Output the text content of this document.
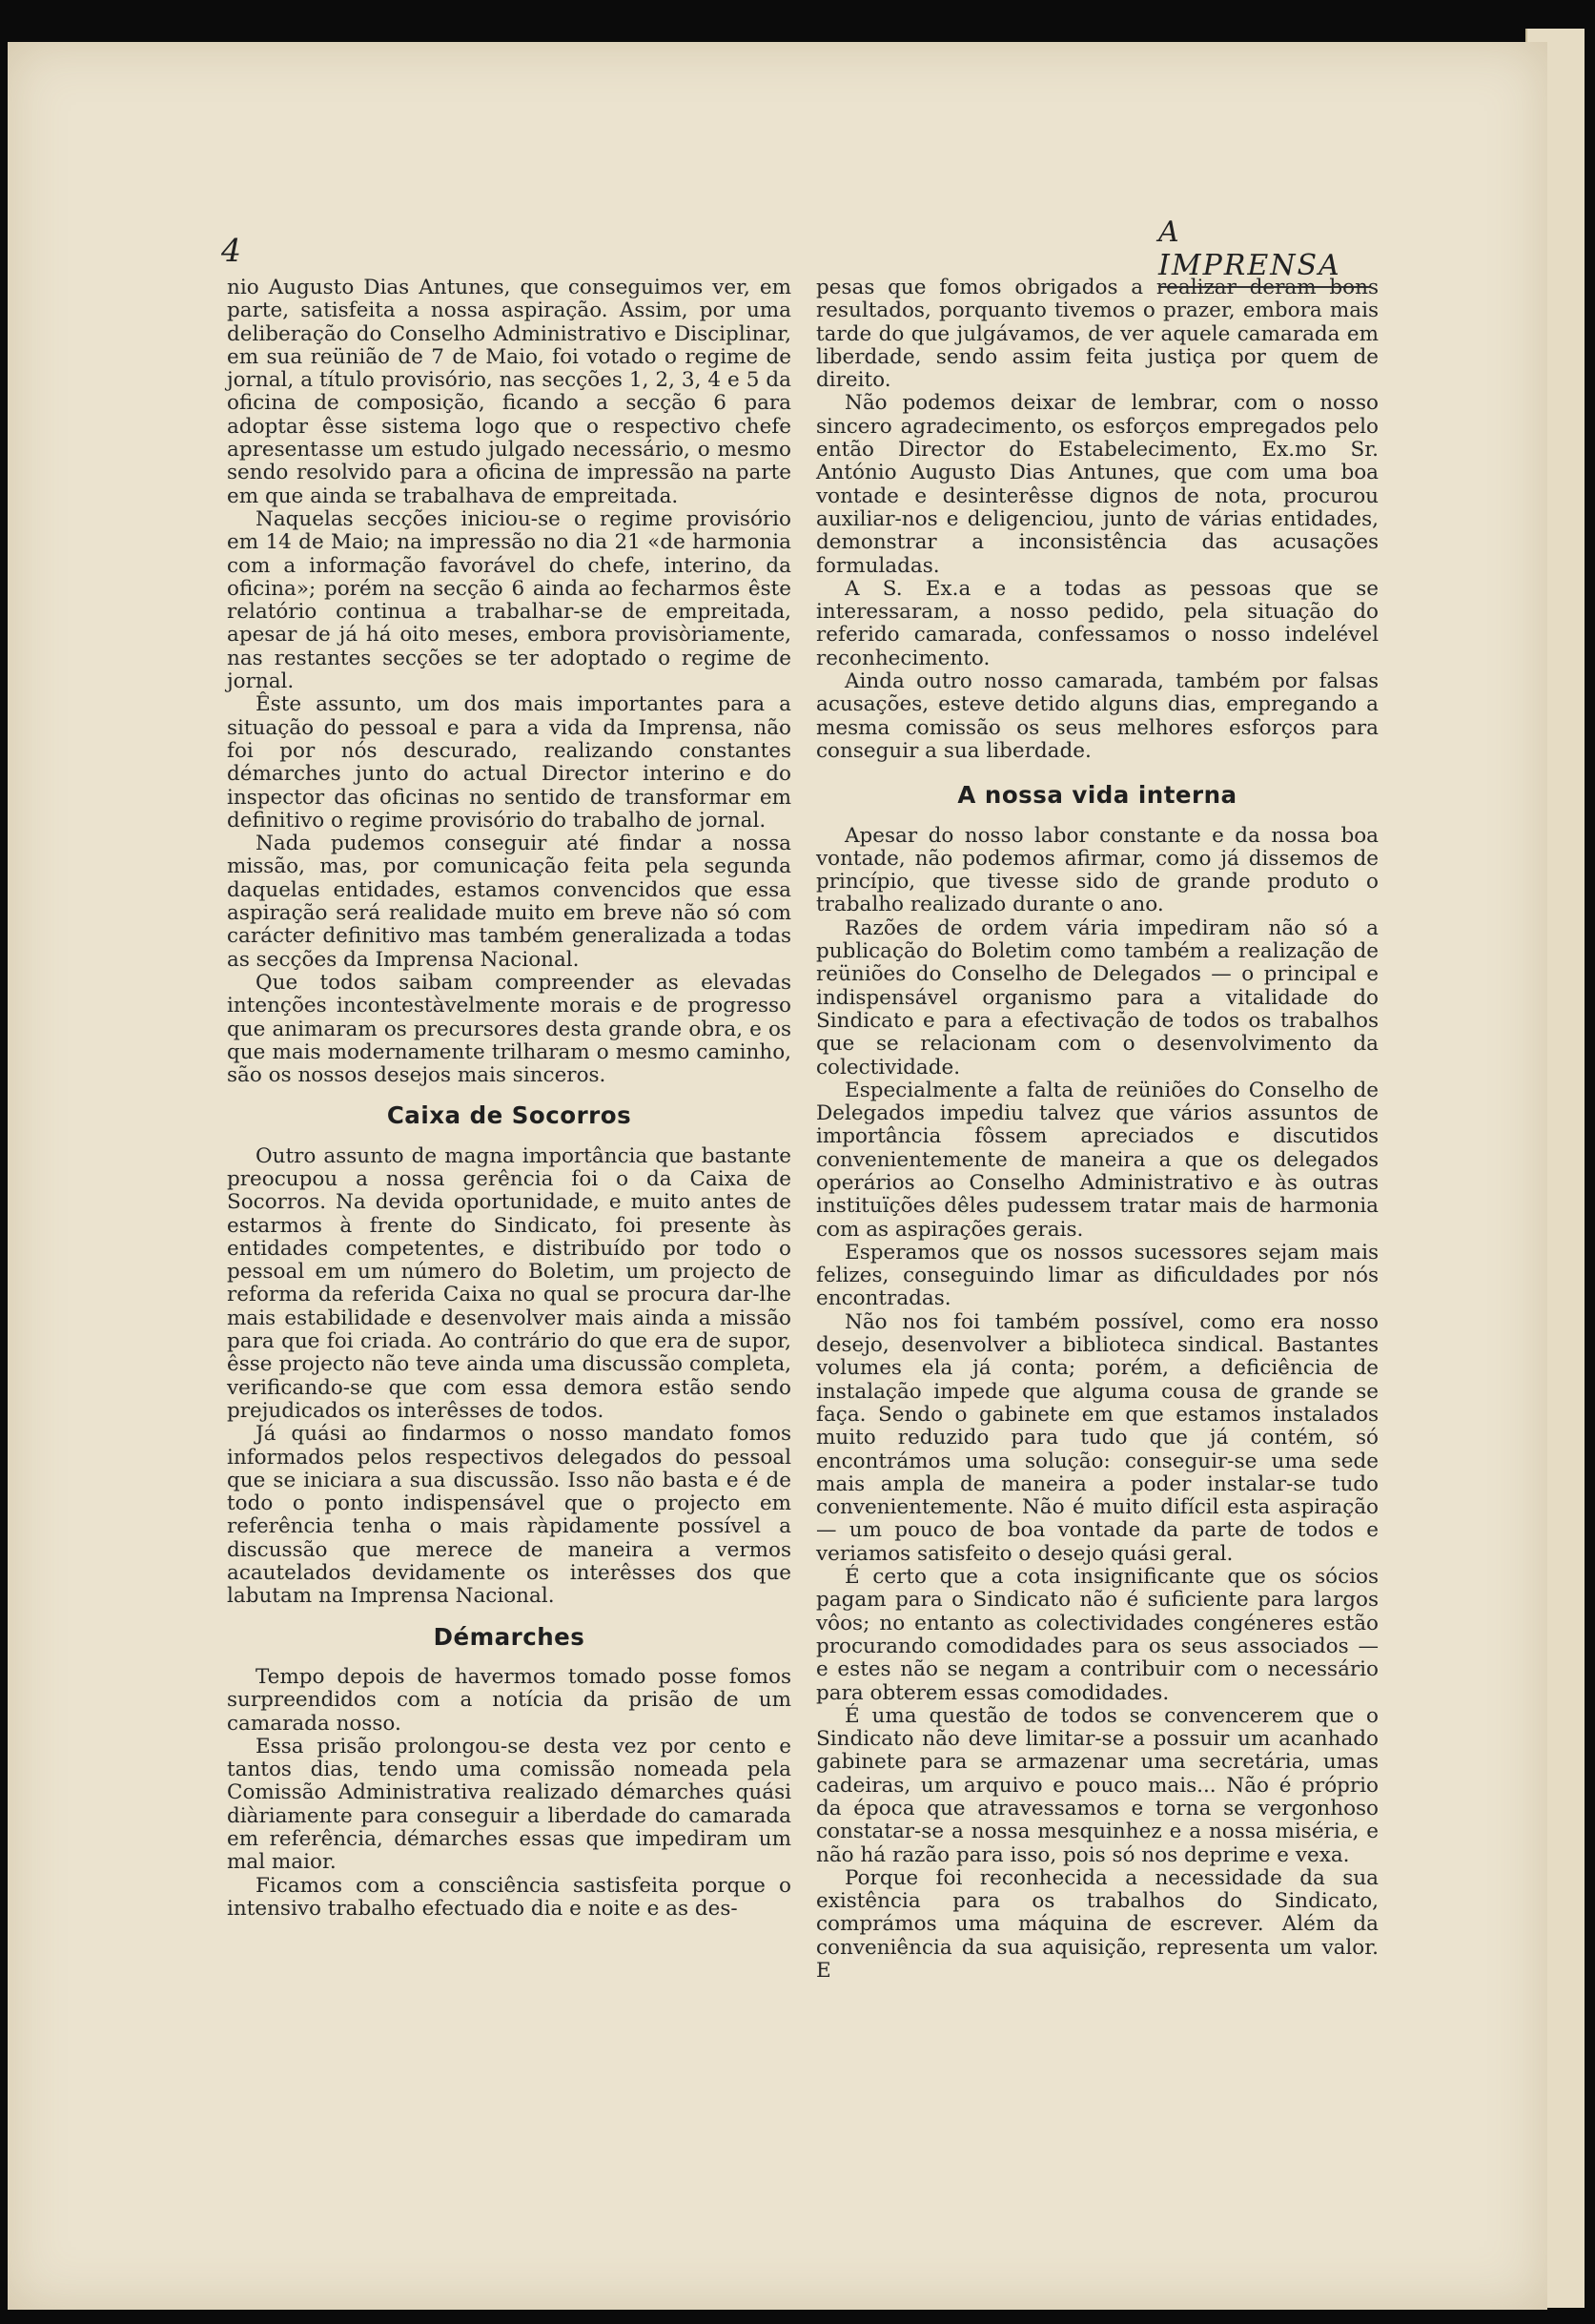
4	A IMPRENSA

nio Augusto Dias Antunes, que conseguimos ver, em parte, satisfeita a nossa aspiração. Assim, por uma deliberação do Conselho Administrativo e Disciplinar, em sua reünião de 7 de Maio, foi votado o regime de jornal, a título provisório, nas secções 1, 2, 3, 4 e 5 da oficina de composição, ficando a secção 6 para adoptar êsse sistema logo que o respectivo chefe apresentasse um estudo julgado necessário, o mesmo sendo resolvido para a oficina de impressão na parte em que ainda se trabalhava de empreitada.

Naquelas secções iniciou-se o regime provisório em 14 de Maio; na impressão no dia 21 «de harmonia com a informação favorável do chefe, interino, da oficina»; porém na secção 6 ainda ao fecharmos êste relatório continua a trabalhar-se de empreitada, apesar de já há oito meses, embora provisòriamente, nas restantes secções se ter adoptado o regime de jornal.

Êste assunto, um dos mais importantes para a situação do pessoal e para a vida da Imprensa, não foi por nós descurado, realizando constantes démarches junto do actual Director interino e do inspector das oficinas no sentido de transformar em definitivo o regime provisório do trabalho de jornal.

Nada pudemos conseguir até findar a nossa missão, mas, por comunicação feita pela segunda daquelas entidades, estamos convencidos que essa aspiração será realidade muito em breve não só com carácter definitivo mas também generalizada a todas as secções da Imprensa Nacional.

Que todos saibam compreender as elevadas intenções incontestàvelmente morais e de progresso que animaram os precursores desta grande obra, e os que mais modernamente trilharam o mesmo caminho, são os nossos desejos mais sinceros.

Caixa de Socorros

Outro assunto de magna importância que bastante preocupou a nossa gerência foi o da Caixa de Socorros. Na devida oportunidade, e muito antes de estarmos à frente do Sindicato, foi presente às entidades competentes, e distribuído por todo o pessoal em um número do Boletim, um projecto de reforma da referida Caixa no qual se procura dar-lhe mais estabilidade e desenvolver mais ainda a missão para que foi criada. Ao contrário do que era de supor, êsse projecto não teve ainda uma discussão completa, verificando-se que com essa demora estão sendo prejudicados os interêsses de todos.

Já quási ao findarmos o nosso mandato fomos informados pelos respectivos delegados do pessoal que se iniciara a sua discussão. Isso não basta e é de todo o ponto indispensável que o projecto em referência tenha o mais ràpidamente possível a discussão que merece de maneira a vermos acautelados devidamente os interêsses dos que labutam na Imprensa Nacional.

Démarches

Tempo depois de havermos tomado posse fomos surpreendidos com a notícia da prisão de um camarada nosso.

Essa prisão prolongou-se desta vez por cento e tantos dias, tendo uma comissão nomeada pela Comissão Administrativa realizado démarches quási diàriamente para conseguir a liberdade do camarada em referência, démarches essas que impediram um mal maior.

Ficamos com a consciência sastisfeita porque o intensivo trabalho efectuado dia e noite e as des-

pesas que fomos obrigados a realizar deram bons resultados, porquanto tivemos o prazer, embora mais tarde do que julgávamos, de ver aquele camarada em liberdade, sendo assim feita justiça por quem de direito.

Não podemos deixar de lembrar, com o nosso sincero agradecimento, os esforços empregados pelo então Director do Estabelecimento, Ex.mo Sr. António Augusto Dias Antunes, que com uma boa vontade e desinterêsse dignos de nota, procurou auxiliar-nos e deligenciou, junto de várias entidades, demonstrar a inconsistência das acusações formuladas.

A S. Ex.a e a todas as pessoas que se interessaram, a nosso pedido, pela situação do referido camarada, confessamos o nosso indelével reconhecimento.

Ainda outro nosso camarada, também por falsas acusações, esteve detido alguns dias, empregando a mesma comissão os seus melhores esforços para conseguir a sua liberdade.

A nossa vida interna

Apesar do nosso labor constante e da nossa boa vontade, não podemos afirmar, como já dissemos de princípio, que tivesse sido de grande produto o trabalho realizado durante o ano.

Razões de ordem vária impediram não só a publicação do Boletim como também a realização de reüniões do Conselho de Delegados — o principal e indispensável organismo para a vitalidade do Sindicato e para a efectivação de todos os trabalhos que se relacionam com o desenvolvimento da colectividade.

Especialmente a falta de reüniões do Conselho de Delegados impediu talvez que vários assuntos de importância fôssem apreciados e discutidos convenientemente de maneira a que os delegados operários ao Conselho Administrativo e às outras instituïções dêles pudessem tratar mais de harmonia com as aspirações gerais.

Esperamos que os nossos sucessores sejam mais felizes, conseguindo limar as dificuldades por nós encontradas.

Não nos foi também possível, como era nosso desejo, desenvolver a biblioteca sindical. Bastantes volumes ela já conta; porém, a deficiência de instalação impede que alguma cousa de grande se faça. Sendo o gabinete em que estamos instalados muito reduzido para tudo que já contém, só encontrámos uma solução: conseguir-se uma sede mais ampla de maneira a poder instalar-se tudo convenientemente. Não é muito difícil esta aspiração — um pouco de boa vontade da parte de todos e veriamos satisfeito o desejo quási geral.

É certo que a cota insignificante que os sócios pagam para o Sindicato não é suficiente para largos vôos; no entanto as colectividades congéneres estão procurando comodidades para os seus associados — e estes não se negam a contribuir com o necessário para obterem essas comodidades.

É uma questão de todos se convencerem que o Sindicato não deve limitar-se a possuir um acanhado gabinete para se armazenar uma secretária, umas cadeiras, um arquivo e pouco mais... Não é próprio da época que atravessamos e torna se vergonhoso constatar-se a nossa mesquinhez e a nossa miséria, e não há razão para isso, pois só nos deprime e vexa.

Porque foi reconhecida a necessidade da sua existência para os trabalhos do Sindicato, comprámos uma máquina de escrever. Além da conveniência da sua aquisição, representa um valor. E
